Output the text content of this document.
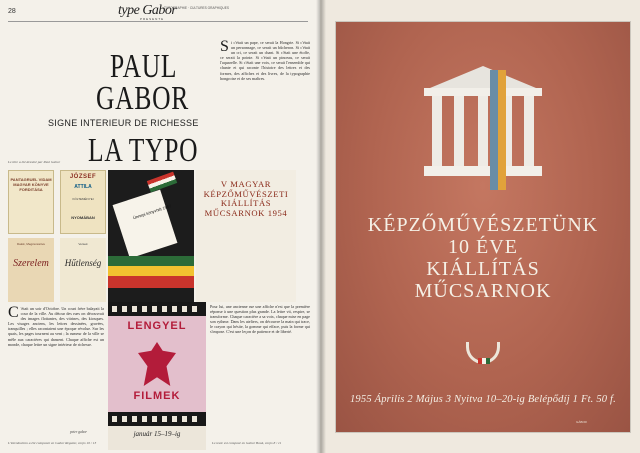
28	type Gabor
PRESENTE
TYPOGRAPHIE · CULTURES GRAPHIQUES
PAUL
GABOR
SIGNE INTERIEUR DE RICHESSE
LA TYPO
Le titre a été dessiné par Paul Gabor
PANTAGRUEL VIDAM MAGYAR KÖNYVE FORDITÁSA
JÓZSEF
ATTILA
KÖLTEMÉNYEI
NYOMÁBAN
Dalok, Megzenésítve
Szerelem
Versek
Hűtlenség
Ünnepi könyvhét 1957
V MAGYAR KÉPZŐMŰVÉSZETI KIÁLLÍTÁS MŰCSARNOK 1954
LENGYEL
FILMEK
január 15–19–ig
C 'était un soir d'Octobre. Un court frère balayait la cour de la ville. Au détour des rues on découvrait des images flottantes, des vitrines, des kiosques. Les visages anciens, les lettres dessinées, gravées, tranquilles ; elles racontaient une époque révolue. Sur les quais, les pages tournent au vent ; la rumeur de la ville se mêle aux caractères qui dansent. Chaque affiche est un monde, chaque lettre un signe intérieur de richesse.
Si c'était un pape, ce serait la Hongrie. Si c'était un personnage, ce serait un bûcheron. Si c'était un cri, ce serait un chant. Si c'était une étoffe, ce serait la pointe. Si c'était un pinceau, ce serait l'aquarelle. Si c'était une voix, ce serait l'ensemble qui chante et qui raconte l'histoire des lettres et des formes, des affiches et des livres, de la typographie hongroise et de ses maîtres.
Pour lui, une ancienne rue une affiche n'est que la première réponse à une question plus grande. La lettre vit, respire, se transforme. Chaque caractère a sa voix, chaque mise en page son rythme. Dans les ateliers, on découvre la main qui trace, le crayon qui hésite, la gomme qui efface, puis la forme qui s'impose. C'est une leçon de patience et de liberté.
peter gabor
L'introduction a été composée en Gabor Regular, corps 10 / 13	Le texte est composé en Gabor Book, corps 8 / 11
KÉPZŐMŰVÉSZETÜNK
10 ÉVE
KIÁLLÍTÁS
MŰCSARNOK
1955 Április 2 Május 3 Nyitva 10–20-ig Belépődíj 1 Ft. 50 f.
GÁBOR
